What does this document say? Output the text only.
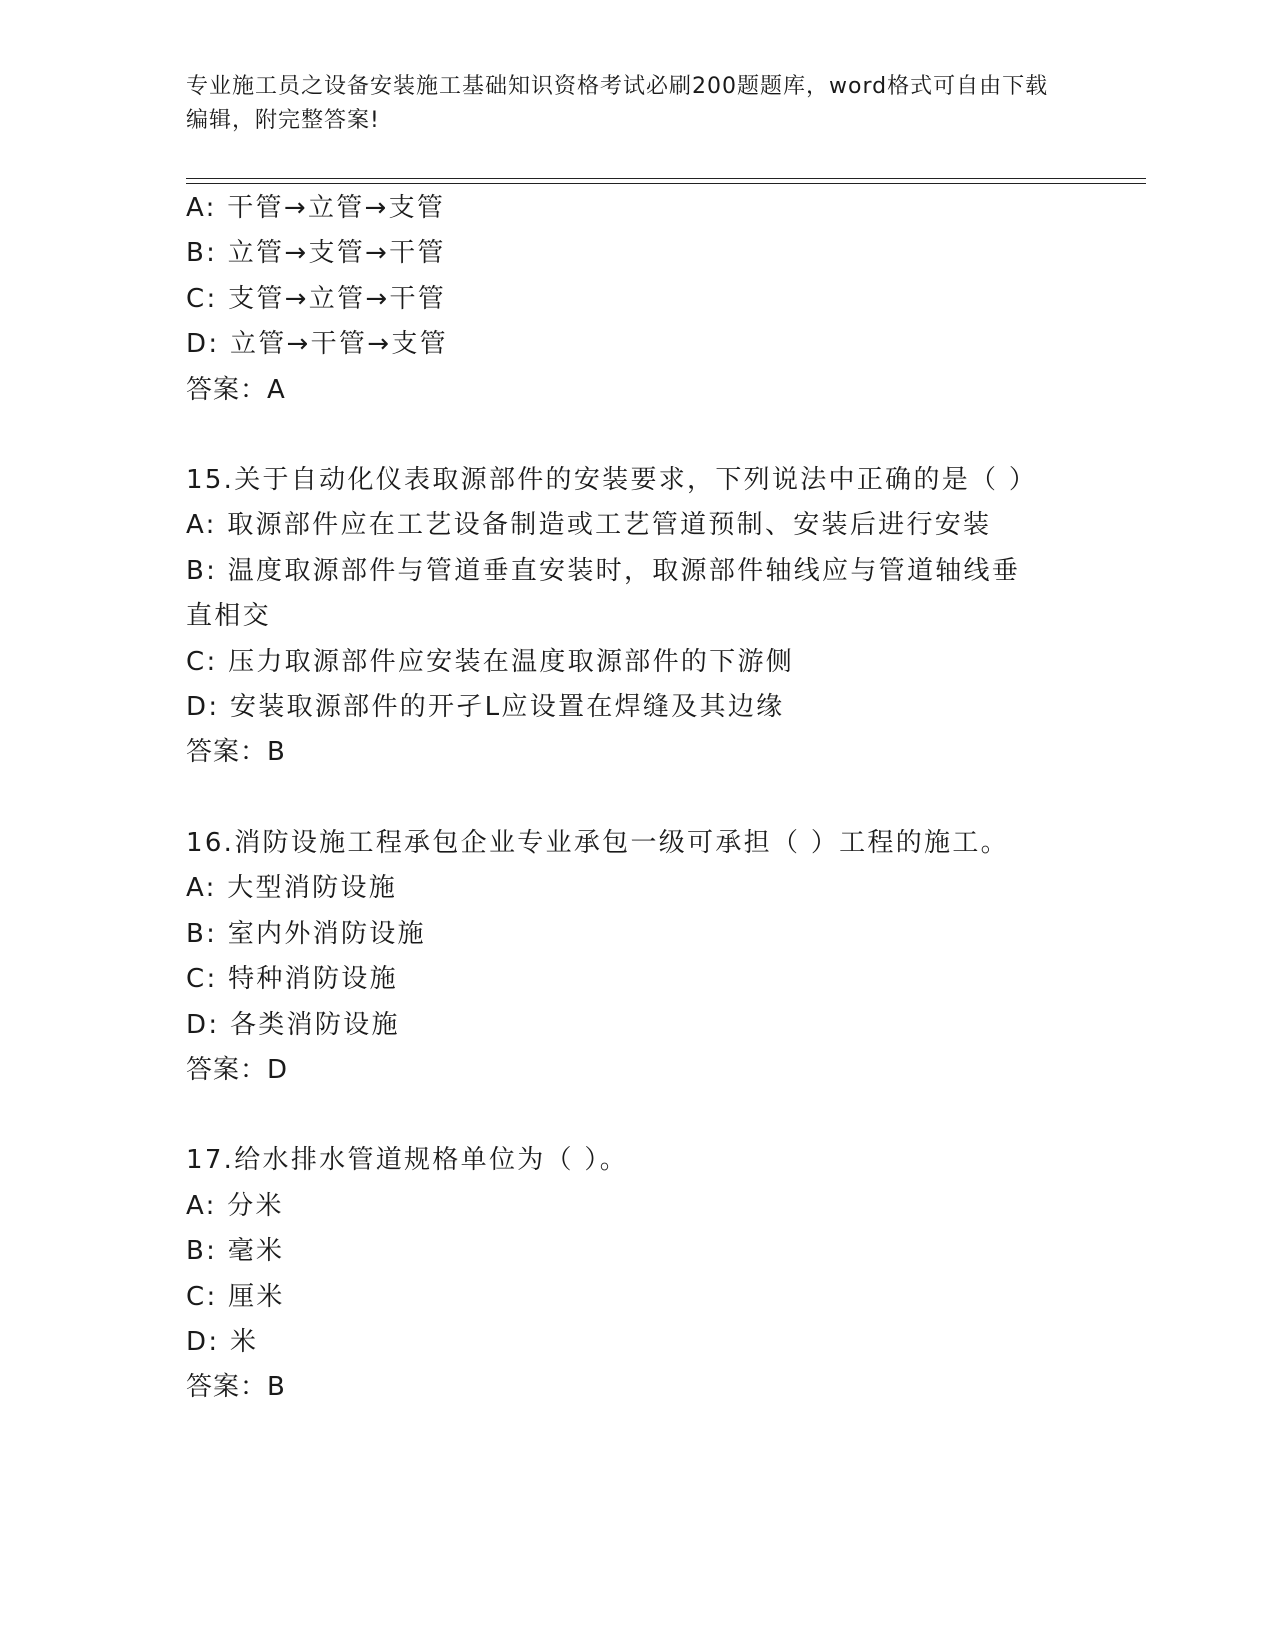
专业施工员之设备安装施工基础知识资格考试必刷200题题库，word格式可自由下载编辑，附完整答案!
A: 干管→立管→支管
B: 立管→支管→干管
C: 支管→立管→干管
D: 立管→干管→支管
答案：A
15.关于自动化仪表取源部件的安装要求，下列说法中正确的是（ ）
A: 取源部件应在工艺设备制造或工艺管道预制、安装后进行安装
B: 温度取源部件与管道垂直安装时，取源部件轴线应与管道轴线垂直相交
C: 压力取源部件应安装在温度取源部件的下游侧
D: 安装取源部件的开孑L应设置在焊缝及其边缘
答案：B
16.消防设施工程承包企业专业承包一级可承担（ ）工程的施工。
A: 大型消防设施
B: 室内外消防设施
C: 特种消防设施
D: 各类消防设施
答案：D
17.给水排水管道规格单位为（ ）。
A: 分米
B: 毫米
C: 厘米
D: 米
答案：B
